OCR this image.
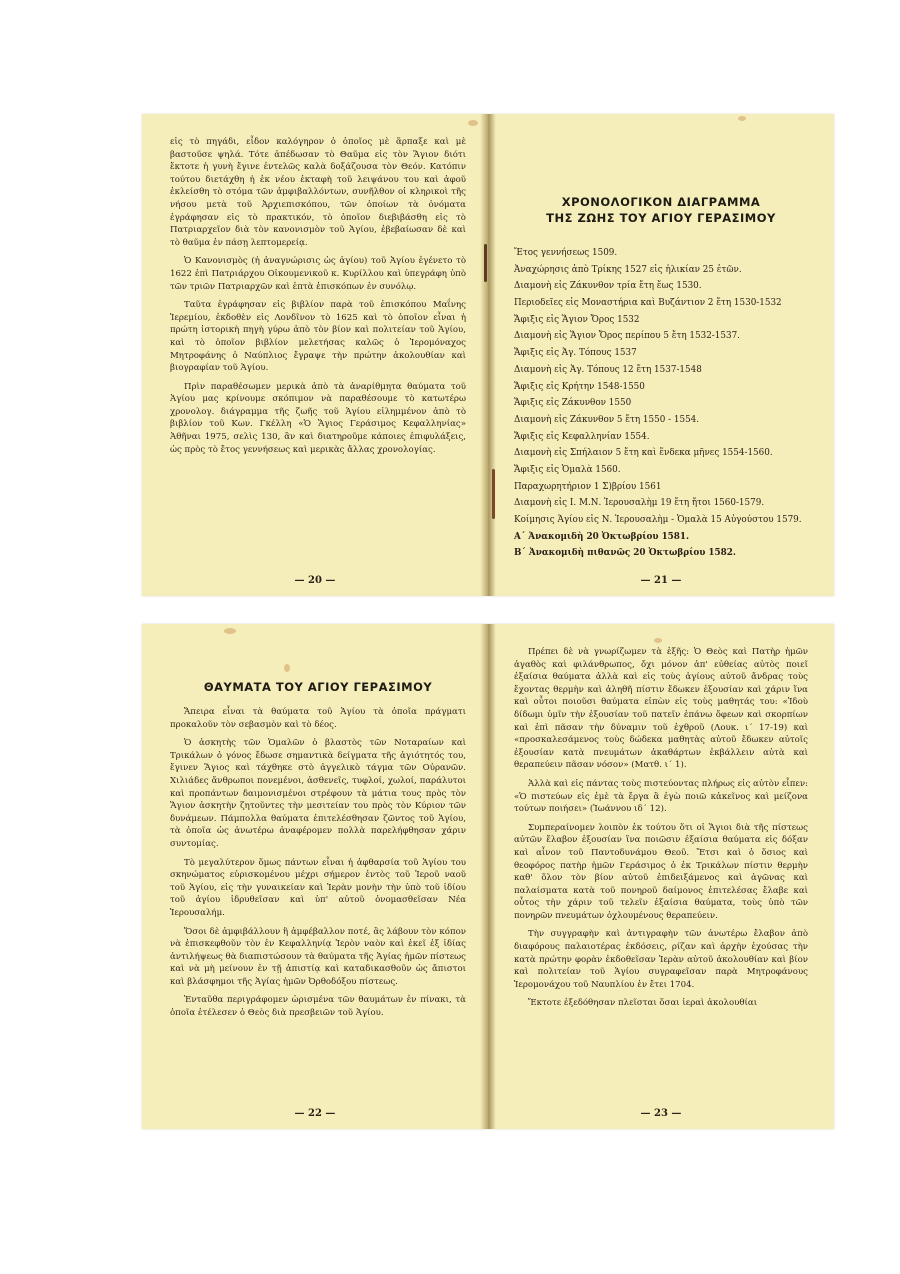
εἰς τὸ πηγάδι, εἶδον καλόγηρον ὁ ὁποῖος μὲ ἅρπαξε καὶ μὲ βαστοῦσε ψηλά. Τότε ἀπέδωσαν τὸ Θαῦμα εἰς τὸν Ἅγιον διότι ἔκτοτε ἡ γυνὴ ἔγινε ἐντελῶς καλὰ δοξάζουσα τὸν Θεόν. Κατόπιν τούτου διετάχθη ἡ ἐκ νέου ἐκταφὴ τοῦ λειψάνου του καὶ ἀφοῦ ἐκλείσθη τὸ στόμα τῶν ἀμφιβαλλόντων, συνῆλθον οἱ κληρικοὶ τῆς νήσου μετὰ τοῦ Ἀρχιεπισκόπου, τῶν ὁποίων τὰ ὀνόματα ἐγράφησαν εἰς τὸ πρακτικόν, τὸ ὁποῖον διεβιβάσθη εἰς τὸ Πατριαρχεῖον διὰ τὸν κανονισμὸν τοῦ Ἁγίου, ἐβεβαίωσαν δὲ καὶ τὸ θαῦμα ἐν πάσῃ λεπτομερείᾳ.

Ὁ Κανονισμὸς (ἡ ἀναγνώρισις ὡς ἁγίου) τοῦ Ἁγίου ἐγένετο τὸ 1622 ἐπὶ Πατριάρχου Οἰκουμενικοῦ κ. Κυρίλλου καὶ ὑπεγράφη ὑπὸ τῶν τριῶν Πατριαρχῶν καὶ ἑπτὰ ἐπισκόπων ἐν συνόλῳ.

Ταῦτα ἐγράφησαν εἰς βιβλίον παρὰ τοῦ ἐπισκόπου Μαΐνης Ἱερεμίου, ἐκδοθὲν εἰς Λονδῖνον τὸ 1625 καὶ τὸ ὁποῖον εἶναι ἡ πρώτη ἱστορικὴ πηγὴ γύρω ἀπὸ τὸν βίον καὶ πολιτείαν τοῦ Ἁγίου, καὶ τὸ ὁποῖον βιβλίον μελετήσας καλῶς ὁ Ἱερομόναχος Μητροφάνης ὁ Ναύπλιος ἔγραψε τὴν πρώτην ἀκολουθίαν καὶ βιογραφίαν τοῦ Ἁγίου.

Πρὶν παραθέσωμεν μερικὰ ἀπὸ τὰ ἀναρίθμητα θαύματα τοῦ Ἁγίου μας κρίνουμε σκόπιμον νὰ παραθέσουμε τὸ κατωτέρω χρονολογ. διάγραμμα τῆς ζωῆς τοῦ Ἁγίου εἰλημμένον ἀπὸ τὸ βιβλίον τοῦ Κων. Γκέλλη «Ὁ Ἅγιος Γεράσιμος Κεφαλληνίας» Ἀθῆναι 1975, σελὶς 130, ἂν καὶ διατηροῦμε κάποιες ἐπιφυλάξεις, ὡς πρὸς τὸ ἔτος γεννήσεως καὶ μερικὰς ἄλλας χρονολογίας.

— 20 —
ΧΡΟΝΟΛΟΓΙΚΟΝ ΔΙΑΓΡΑΜΜΑ
ΤΗΣ ΖΩΗΣ ΤΟΥ ΑΓΙΟΥ ΓΕΡΑΣΙΜΟΥ
Ἔτος γεννήσεως 1509.
Ἀναχώρησις ἀπὸ Τρίκης 1527 εἰς ἡλικίαν 25 ἐτῶν.
Διαμονὴ εἰς Ζάκυνθον τρία ἔτη ἕως 1530.
Περιοδεῖες εἰς Μοναστήρια καὶ Βυζάντιον 2 ἔτη 1530-1532
Ἄφιξις εἰς Ἅγιον Ὄρος 1532
Διαμονὴ εἰς Ἅγιον Ὄρος περίπου 5 ἔτη 1532-1537.
Ἄφιξις εἰς Ἁγ. Τόπους 1537
Διαμονὴ εἰς Ἁγ. Τόπους 12 ἔτη 1537-1548
Ἄφιξις εἰς Κρήτην 1548-1550
Ἄφιξις εἰς Ζάκυνθον 1550
Διαμονὴ εἰς Ζάκυνθον 5 ἔτη 1550 - 1554.
Ἄφιξις εἰς Κεφαλληνίαν 1554.
Διαμονὴ εἰς Σπήλαιον 5 ἔτη καὶ ἕνδεκα μῆνες 1554-1560.
Ἄφιξις εἰς Ὁμαλὰ 1560.
Παραχωρητήριον 1 Σ)βρίου 1561
Διαμονὴ εἰς Ι. Μ.Ν. Ἱερουσαλὴμ 19 ἔτη ἤτοι 1560-1579.
Κοίμησις Ἁγίου εἰς Ν. Ἱερουσαλὴμ - Ὁμαλὰ 15 Αὐγούστου 1579.
Α΄ Ἀνακομιδὴ 20 Ὀκτωβρίου 1581.
Β΄ Ἀνακομιδὴ πιθανῶς 20 Ὀκτωβρίου 1582.
— 21 —
ΘΑΥΜΑΤΑ ΤΟΥ ΑΓΙΟΥ ΓΕΡΑΣΙΜΟΥ

Ἄπειρα εἶναι τὰ θαύματα τοῦ Ἁγίου τὰ ὁποῖα πράγματι προκαλοῦν τὸν σεβασμὸν καὶ τὸ δέος.

Ὁ ἀσκητὴς τῶν Ὁμαλῶν ὁ βλαστὸς τῶν Νοταραίων καὶ Τρικάλων ὁ γόνος ἔδωσε σημαντικὰ δείγματα τῆς ἁγιότητός του, ἔγινεν Ἅγιος καὶ τάχθηκε στὸ ἀγγελικὸ τάγμα τῶν Οὐρανῶν. Χιλιάδες ἄνθρωποι πονεμένοι, ἀσθενεῖς, τυφλοί, χωλοί, παράλυτοι καὶ προπάντων δαιμονισμένοι στρέφουν τὰ μάτια τους πρὸς τὸν Ἅγιον ἀσκητὴν ζητοῦντες τὴν μεσιτείαν του πρὸς τὸν Κύριον τῶν δυνάμεων. Πάμπολλα θαύματα ἐπιτελέσθησαν ζῶντος τοῦ Ἁγίου, τὰ ὁποῖα ὡς ἀνωτέρω ἀναφέρομεν πολλὰ παρελήφθησαν χάριν συντομίας.

Τὸ μεγαλύτερον ὅμως πάντων εἶναι ἡ ἀφθαρσία τοῦ Ἁγίου του σκηνώματος εὑρισκομένου μέχρι σήμερον ἐντὸς τοῦ Ἱεροῦ ναοῦ τοῦ Ἁγίου, εἰς τὴν γυναικείαν καὶ Ἱερὰν μονὴν τὴν ὑπὸ τοῦ ἰδίου τοῦ ἁγίου ἱδρυθεῖσαν καὶ ὑπ' αὐτοῦ ὀνομασθεῖσαν Νέα Ἱερουσαλήμ.

Ὅσοι δὲ ἀμφιβάλλουν ἢ ἀμφέβαλλον ποτέ, ἂς λάβουν τὸν κόπον νὰ ἐπισκεφθοῦν τὸν ἐν Κεφαλληνίᾳ Ἱερὸν ναὸν καὶ ἐκεῖ ἐξ ἰδίας ἀντιλήψεως θὰ διαπιστώσουν τὰ θαύματα τῆς Ἁγίας ἡμῶν πίστεως καὶ νὰ μὴ μείνουν ἐν τῇ ἀπιστίᾳ καὶ καταδικασθοῦν ὡς ἄπιστοι καὶ βλάσφημοι τῆς Ἁγίας ἡμῶν Ὀρθοδόξου πίστεως.

Ἐνταῦθα περιγράφομεν ὡρισμένα τῶν θαυμάτων ἐν πίνακι, τὰ ὁποῖα ἐτέλεσεν ὁ Θεὸς διὰ πρεσβειῶν τοῦ Ἁγίου.

— 22 —

Πρέπει δὲ νὰ γνωρίζωμεν τὰ ἑξῆς: Ὁ Θεὸς καὶ Πατὴρ ἡμῶν ἀγαθὸς καὶ φιλάνθρωπος, ὄχι μόνον ἀπ' εὐθείας αὐτὸς ποιεῖ ἐξαίσια θαύματα ἀλλὰ καὶ εἰς τοὺς ἁγίους αὐτοῦ ἄνδρας τοὺς ἔχοντας θερμὴν καὶ ἀληθῆ πίστιν ἔδωκεν ἐξουσίαν καὶ χάριν ἵνα καὶ οὗτοι ποιοῦσι θαύματα εἰπὼν εἰς τοὺς μαθητάς του: «Ἰδοὺ δίδωμι ὑμῖν τὴν ἐξουσίαν τοῦ πατεῖν ἐπάνω ὄφεων καὶ σκορπίων καὶ ἐπὶ πᾶσαν τὴν δύναμιν τοῦ ἐχθροῦ (Λουκ. ι΄ 17-19) καὶ «προσκαλεσάμενος τοὺς δώδεκα μαθητὰς αὐτοῦ ἔδωκεν αὐτοῖς ἐξουσίαν κατὰ πνευμάτων ἀκαθάρτων ἐκβάλλειν αὐτὰ καὶ θεραπεύειν πᾶσαν νόσον» (Ματθ. ι΄ 1).

Ἀλλὰ καὶ εἰς πάντας τοὺς πιστεύοντας πλήρως εἰς αὐτὸν εἶπεν: «Ὁ πιστεύων εἰς ἐμὲ τὰ ἔργα ἃ ἐγὼ ποιῶ κἀκεῖνος καὶ μείζονα τούτων ποιήσει» (Ἰωάννου ιδ΄ 12).

Συμπεραίνομεν λοιπὸν ἐκ τούτου ὅτι οἱ Ἅγιοι διὰ τῆς πίστεως αὐτῶν ἔλαβον ἐξουσίαν ἵνα ποιῶσιν ἐξαίσια θαύματα εἰς δόξαν καὶ αἶνον τοῦ Παντοδυνάμου Θεοῦ. Ἔτσι καὶ ὁ ὅσιος καὶ θεοφόρος πατὴρ ἡμῶν Γεράσιμος ὁ ἐκ Τρικάλων πίστιν θερμὴν καθ' ὅλον τὸν βίον αὐτοῦ ἐπιδειξάμενος καὶ ἀγῶνας καὶ παλαίσματα κατὰ τοῦ πονηροῦ δαίμονος ἐπιτελέσας ἔλαβε καὶ οὗτος τὴν χάριν τοῦ τελεῖν ἐξαίσια θαύματα, τοὺς ὑπὸ τῶν πονηρῶν πνευμάτων ὀχλουμένους θεραπεύειν.

Τὴν συγγραφὴν καὶ ἀντιγραφὴν τῶν ἀνωτέρω ἔλαβον ἀπὸ διαφόρους παλαιοτέρας ἐκδόσεις, ρίζαν καὶ ἀρχὴν ἐχούσας τὴν κατὰ πρώτην φορὰν ἐκδοθεῖσαν Ἱερὰν αὐτοῦ ἀκολουθίαν καὶ βίον καὶ πολιτείαν τοῦ Ἁγίου συγραφεῖσαν παρὰ Μητροφάνους Ἱερομονάχου τοῦ Ναυπλίου ἐν ἔτει 1704.

Ἔκτοτε ἐξεδόθησαν πλεῖσται ὅσαι ἱεραὶ ἀκολουθίαι

— 23 —
